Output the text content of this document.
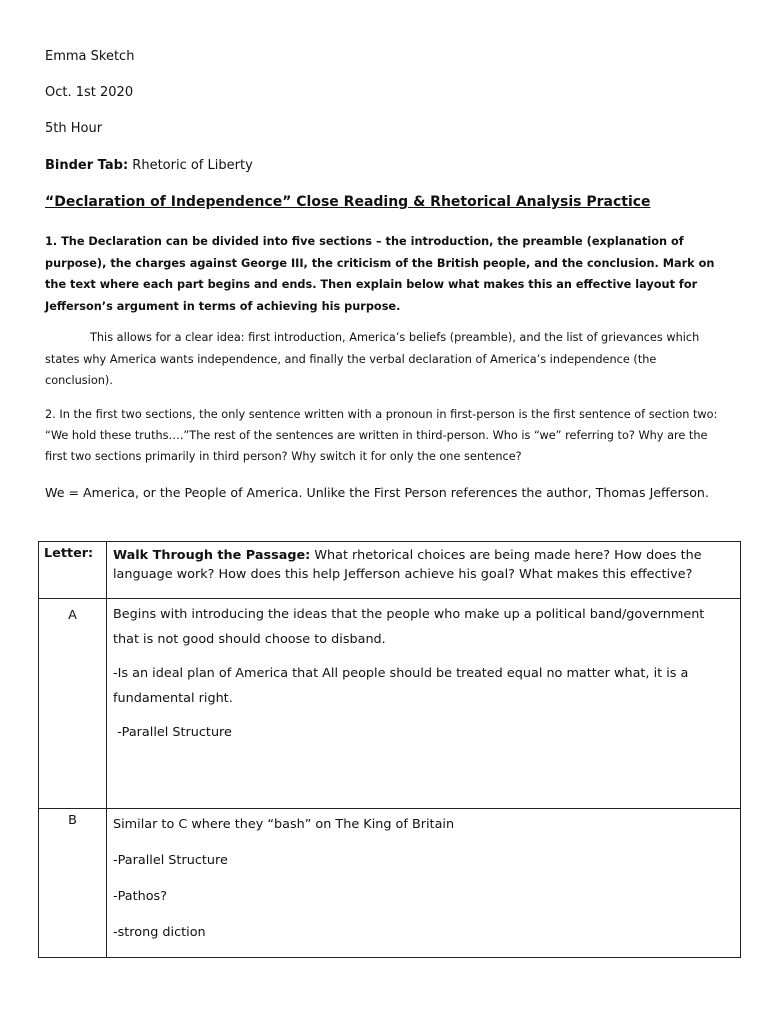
Emma Sketch
Oct. 1st 2020
5th Hour
Binder Tab: Rhetoric of Liberty
“Declaration of Independence” Close Reading & Rhetorical Analysis Practice
1. The Declaration can be divided into five sections – the introduction, the preamble (explanation of purpose), the charges against George III, the criticism of the British people, and the conclusion. Mark on the text where each part begins and ends. Then explain below what makes this an effective layout for Jefferson’s argument in terms of achieving his purpose.
This allows for a clear idea: first introduction, America’s beliefs (preamble), and the list of grievances which states why America wants independence, and finally the verbal declaration of America’s independence (the conclusion).
2. In the first two sections, the only sentence written with a pronoun in first-person is the first sentence of section two: “We hold these truths….”The rest of the sentences are written in third-person. Who is “we” referring to? Why are the first two sections primarily in third person? Why switch it for only the one sentence?
We = America, or the People of America. Unlike the First Person references the author, Thomas Jefferson.
Letter:	Walk Through the Passage: What rhetorical choices are being made here? How does the language work? How does this help Jefferson achieve his goal? What makes this effective?

A	Begins with introducing the ideas that the people who make up a political band/government that is not good should choose to disband.

-Is an ideal plan of America that All people should be treated equal no matter what, it is a fundamental right.

-Parallel Structure

B	Similar to C where they “bash” on The King of Britain

-Parallel Structure

-Pathos?

-strong diction
